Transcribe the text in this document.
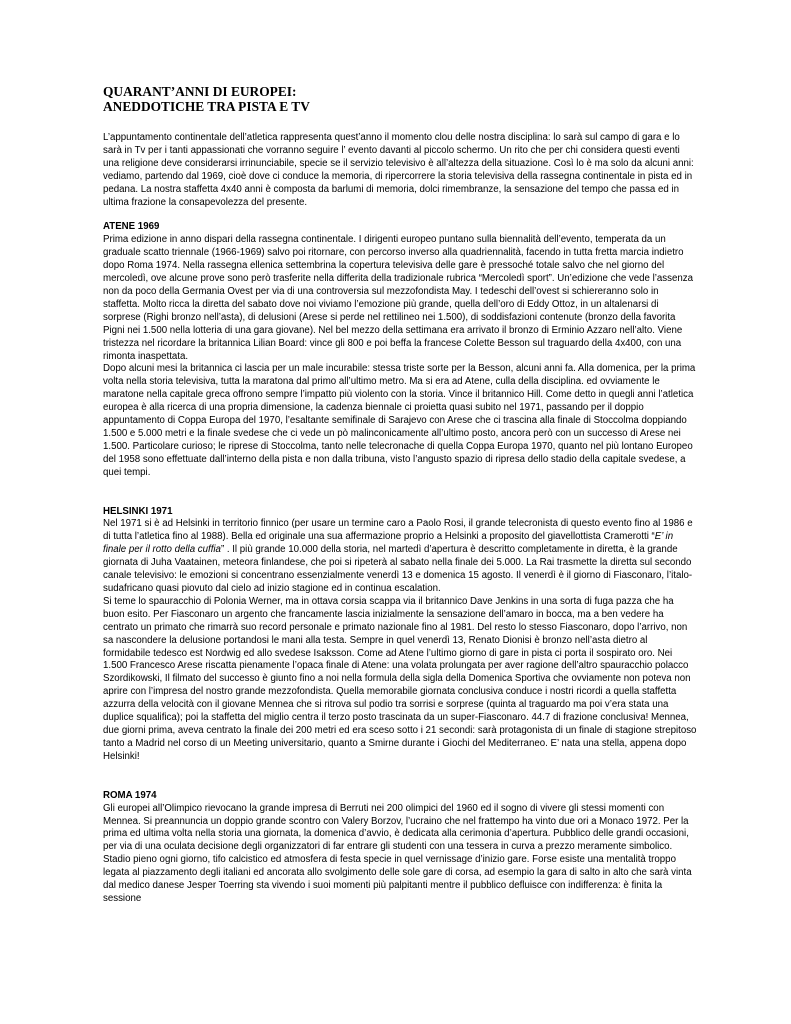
QUARANT’ANNI DI EUROPEI:
ANEDDOTICHE TRA PISTA E TV

L’appuntamento continentale dell’atletica rappresenta quest’anno il momento clou delle nostra disciplina: lo sarà sul campo di gara e lo sarà in Tv per i tanti appassionati che vorranno seguire l’ evento davanti al piccolo schermo. Un rito che per chi considera questi eventi una religione deve considerarsi irrinunciabile, specie se il servizio televisivo è all’altezza della situazione. Così lo è ma solo da alcuni anni: vediamo, partendo dal 1969, cioè dove ci conduce la memoria, di ripercorrere la storia televisiva della rassegna continentale in pista ed in pedana. La nostra staffetta 4x40 anni è composta da barlumi di memoria, dolci rimembranze, la sensazione del tempo che passa ed in ultima frazione la consapevolezza del presente.

ATENE 1969

Prima edizione in anno dispari della rassegna continentale. I dirigenti europeo puntano sulla biennalità dell’evento, temperata da un graduale scatto triennale (1966-1969) salvo poi ritornare, con percorso inverso alla quadriennalità, facendo in tutta fretta marcia indietro dopo Roma 1974. Nella rassegna ellenica settembrina la copertura televisiva delle gare è pressoché totale salvo che nel giorno del mercoledì, ove alcune prove sono però trasferite nella differita della tradizionale rubrica “Mercoledì sport”. Un’edizione che vede l’assenza non da poco della Germania Ovest per via di una controversia sul mezzofondista May. I tedeschi dell’ovest si schiereranno solo in staffetta. Molto ricca la diretta del sabato dove noi viviamo l’emozione più grande, quella dell’oro di Eddy Ottoz, in un altalenarsi di sorprese (Righi bronzo nell’asta), di delusioni (Arese si perde nel rettilineo nei 1.500), di soddisfazioni contenute (bronzo della favorita Pigni nei 1.500 nella lotteria di una gara giovane). Nel bel mezzo della settimana era arrivato il bronzo di Erminio Azzaro nell’alto. Viene tristezza nel ricordare la britannica Lilian Board: vince gli 800 e poi beffa la francese Colette Besson sul traguardo della 4x400, con una rimonta inaspettata.

Dopo alcuni mesi la britannica ci lascia per un male incurabile: stessa triste sorte per la Besson, alcuni anni fa. Alla domenica, per la prima volta nella storia televisiva, tutta la maratona dal primo all’ultimo metro. Ma si era ad Atene, culla della disciplina. ed ovviamente le maratone nella capitale greca offrono sempre l’impatto più violento con la storia. Vince il britannico Hill. Come detto in quegli anni l’atletica europea è alla ricerca di una propria dimensione, la cadenza biennale ci proietta quasi subito nel 1971, passando per il doppio appuntamento di Coppa Europa del 1970, l’esaltante semifinale di Sarajevo con Arese che ci trascina alla finale di Stoccolma doppiando 1.500 e 5.000 metri e la finale svedese che ci vede un pò malinconicamente all’ultimo posto, ancora però con un successo di Arese nei 1.500. Particolare curioso; le riprese di Stoccolma, tanto nelle telecronache di quella Coppa Europa 1970, quanto nel più lontano Europeo del 1958 sono effettuate dall’interno della pista e non dalla tribuna, visto l’angusto spazio di ripresa dello stadio della capitale svedese, a quei tempi.

HELSINKI 1971

Nel 1971 si è ad Helsinki in territorio finnico (per usare un termine caro a Paolo Rosi, il grande telecronista di questo evento fino al 1986 e di tutta l’atletica fino al 1988). Bella ed originale una sua affermazione proprio a Helsinki a proposito del giavellottista Cramerotti “E’ in finale per il rotto della cuffia” . Il più grande 10.000 della storia, nel martedì d’apertura è descritto completamente in diretta, è la grande giornata di Juha Vaatainen, meteora finlandese, che poi si ripeterà al sabato nella finale dei 5.000. La Rai trasmette la diretta sul secondo canale televisivo: le emozioni si concentrano essenzialmente venerdì 13 e domenica 15 agosto. Il venerdì è il giorno di Fiasconaro, l’italo-sudafricano quasi piovuto dal cielo ad inizio stagione ed in continua escalation.

Si teme lo spauracchio di Polonia Werner, ma in ottava corsia scappa via il britannico Dave Jenkins in una sorta di fuga pazza che ha buon esito. Per Fiasconaro un argento che francamente lascia inizialmente la sensazione dell’amaro in bocca, ma a ben vedere ha centrato un primato che rimarrà suo record personale e primato nazionale fino al 1981. Del resto lo stesso Fiasconaro, dopo l’arrivo, non sa nascondere la delusione portandosi le mani alla testa. Sempre in quel venerdì 13, Renato Dionisi è bronzo nell’asta dietro al formidabile tedesco est Nordwig ed allo svedese Isaksson. Come ad Atene l’ultimo giorno di gare in pista ci porta il sospirato oro. Nei 1.500 Francesco Arese riscatta pienamente l’opaca finale di Atene: una volata prolungata per aver ragione dell’altro spauracchio polacco Szordikowski, Il filmato del successo è giunto fino a noi nella formula della sigla della Domenica Sportiva che ovviamente non poteva non aprire con l’impresa del nostro grande mezzofondista. Quella memorabile giornata conclusiva conduce i nostri ricordi a quella staffetta azzurra della velocità con il giovane Mennea che si ritrova sul podio tra sorrisi e sorprese (quinta al traguardo ma poi v’era stata una duplice squalifica); poi la staffetta del miglio centra il terzo posto trascinata da un super-Fiasconaro. 44.7 di frazione conclusiva! Mennea, due giorni prima, aveva centrato la finale dei 200 metri ed era sceso sotto i 21 secondi: sarà protagonista di un finale di stagione strepitoso tanto a Madrid nel corso di un Meeting universitario, quanto a Smirne durante i Giochi del Mediterraneo. E’ nata una stella, appena dopo Helsinki!

ROMA 1974

Gli europei all’Olimpico rievocano la grande impresa di Berruti nei 200 olimpici del 1960 ed il sogno di vivere gli stessi momenti con Mennea. Si preannuncia un doppio grande scontro con Valery Borzov, l’ucraino che nel frattempo ha vinto due ori a Monaco 1972. Per la prima ed ultima volta nella storia una giornata, la domenica d’avvio, è dedicata alla cerimonia d’apertura. Pubblico delle grandi occasioni, per via di una oculata decisione degli organizzatori di far entrare gli studenti con una tessera in curva a prezzo meramente simbolico. Stadio pieno ogni giorno, tifo calcistico ed atmosfera di festa specie in quel vernissage d’inizio gare. Forse esiste una mentalità troppo legata al piazzamento degli italiani ed ancorata allo svolgimento delle sole gare di corsa, ad esempio la gara di salto in alto che sarà vinta dal medico danese Jesper Toerring sta vivendo i suoi momenti più palpitanti mentre il pubblico defluisce con indifferenza: è finita la sessione
